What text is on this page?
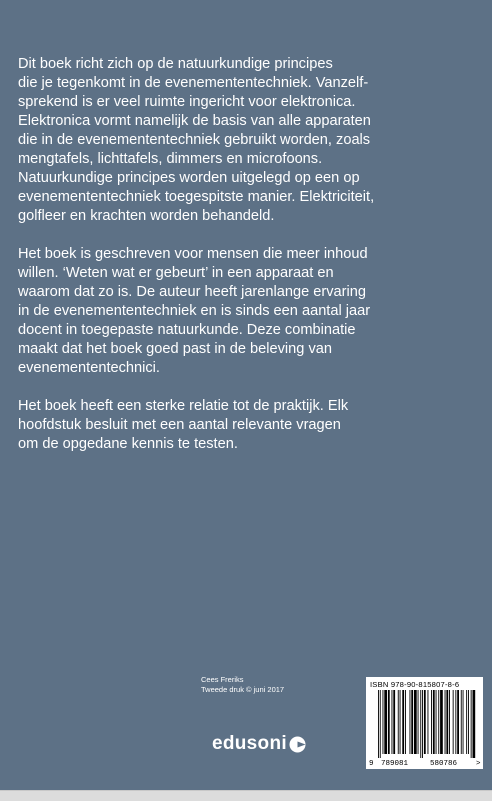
Dit boek richt zich op de natuurkundige principes
die je tegenkomt in de evenemententechniek. Vanzelf-
sprekend is er veel ruimte ingericht voor elektronica.
Elektronica vormt namelijk de basis van alle apparaten
die in de evenemententechniek gebruikt worden, zoals
mengtafels, lichttafels, dimmers en microfoons.
Natuurkundige principes worden uitgelegd op een op
evenemententechniek toegespitste manier. Elektriciteit,
golfleer en krachten worden behandeld.

Het boek is geschreven voor mensen die meer inhoud
willen. ‘Weten wat er gebeurt’ in een apparaat en
waarom dat zo is. De auteur heeft jarenlange ervaring
in de evenemententechniek en is sinds een aantal jaar
docent in toegepaste natuurkunde. Deze combinatie
maakt dat het boek goed past in de beleving van
evenemententechnici.

Het boek heeft een sterke relatie tot de praktijk. Elk
hoofdstuk besluit met een aantal relevante vragen
om de opgedane kennis te testen.

Cees Freriks
Tweede druk © juni 2017
edusoni
ISBN 978-90-815807-8-6
9 789081	580786	>
